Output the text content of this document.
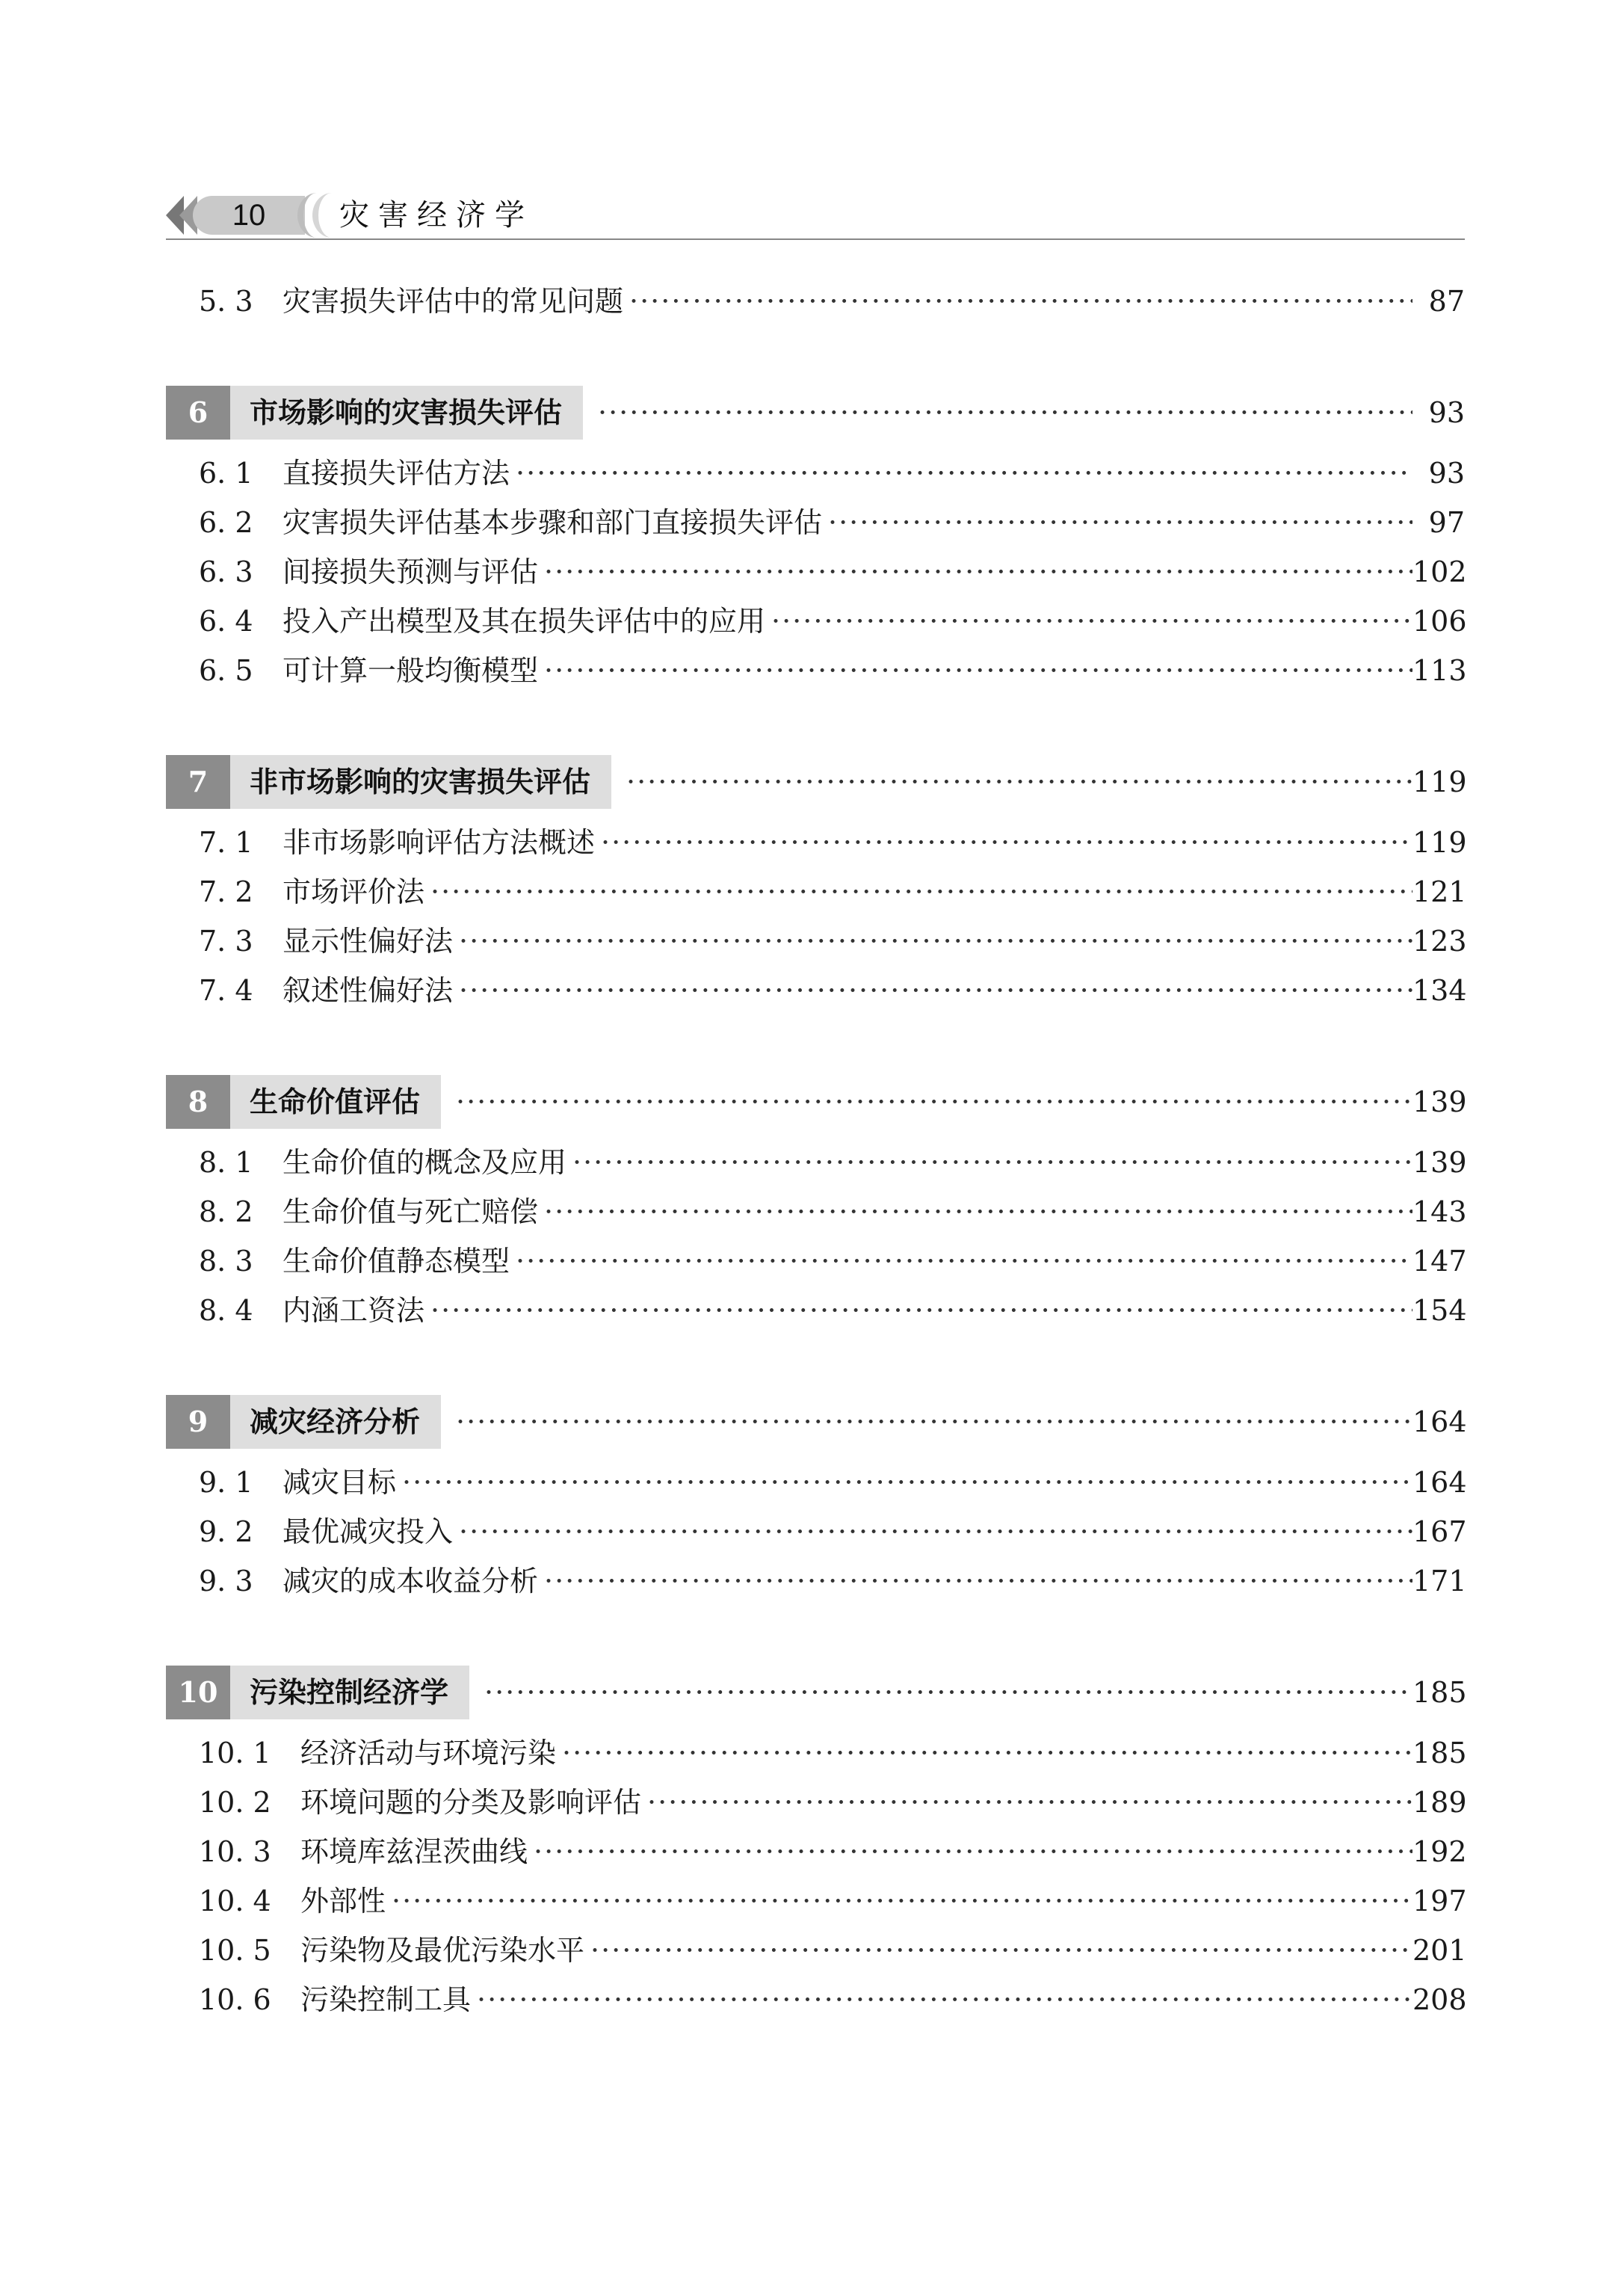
10	灾害经济学
5. 3	灾害损失评估中的常见问题 ·····	87
6	市场影响的灾害损失评估 ·····	93
6. 1	直接损失评估方法 ·····	93
6. 2	灾害损失评估基本步骤和部门直接损失评估 ·····	97
6. 3	间接损失预测与评估 ·····	102
6. 4	投入产出模型及其在损失评估中的应用 ·····	106
6. 5	可计算一般均衡模型 ·····	113
7	非市场影响的灾害损失评估 ·····	119
7. 1	非市场影响评估方法概述 ·····	119
7. 2	市场评价法 ·····	121
7. 3	显示性偏好法 ·····	123
7. 4	叙述性偏好法 ·····	134
8	生命价值评估 ·····	139
8. 1	生命价值的概念及应用 ·····	139
8. 2	生命价值与死亡赔偿 ·····	143
8. 3	生命价值静态模型 ·····	147
8. 4	内涵工资法 ·····	154
9	减灾经济分析 ·····	164
9. 1	减灾目标 ·····	164
9. 2	最优减灾投入 ·····	167
9. 3	减灾的成本收益分析 ·····	171
10	污染控制经济学 ·····	185
10. 1	经济活动与环境污染 ·····	185
10. 2	环境问题的分类及影响评估 ·····	189
10. 3	环境库兹涅茨曲线 ·····	192
10. 4	外部性 ·····	197
10. 5	污染物及最优污染水平 ·····	201
10. 6	污染控制工具 ·····	208
